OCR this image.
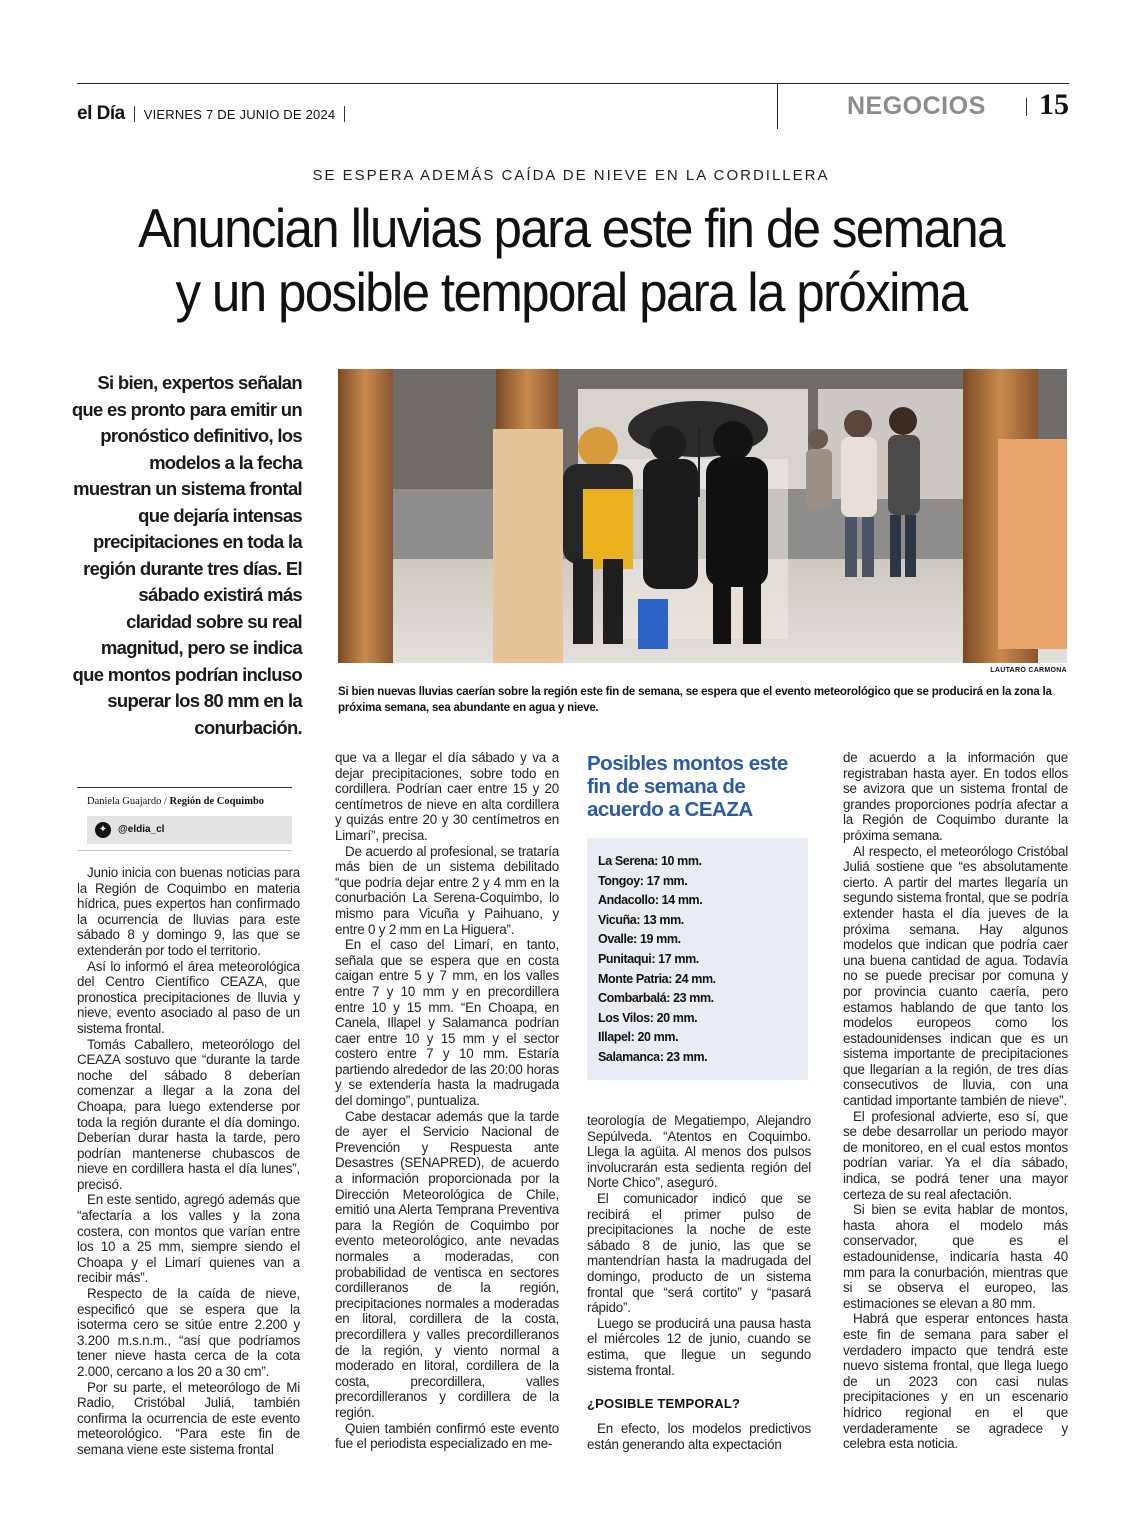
el Día VIERNES 7 DE JUNIO DE 2024	NEGOCIOS 15
SE ESPERA ADEMÁS CAÍDA DE NIEVE EN LA CORDILLERA
Anuncian lluvias para este fin de semana
y un posible temporal para la próxima
Si bien, expertos señalan que es pronto para emitir un pronóstico definitivo, los modelos a la fecha muestran un sistema frontal que dejaría intensas precipitaciones en toda la región durante tres días. El sábado existirá más claridad sobre su real magnitud, pero se indica que montos podrían incluso superar los 80 mm en la conurbación.
LAUTARO CARMONA
Si bien nuevas lluvias caerían sobre la región este fin de semana, se espera que el evento meteorológico que se producirá en la zona la próxima semana, sea abundante en agua y nieve.
Daniela Guajardo / Región de Coquimbo
✦	@eldia_cl

Junio inicia con buenas noticias para la Región de Coquimbo en materia hídrica, pues expertos han confirmado la ocurrencia de lluvias para este sábado 8 y domingo 9, las que se extenderán por todo el territorio.

Así lo informó el área meteorológica del Centro Científico CEAZA, que pronostica precipitaciones de lluvia y nieve, evento asociado al paso de un sistema frontal.

Tomás Caballero, meteorólogo del CEAZA sostuvo que “durante la tarde noche del sábado 8 deberían comenzar a llegar a la zona del Choapa, para luego extenderse por toda la región durante el día domingo. Deberían durar hasta la tarde, pero podrían mantenerse chubascos de nieve en cordillera hasta el día lunes”, precisó.

En este sentido, agregó además que “afectaría a los valles y la zona costera, con montos que varían entre los 10 a 25 mm, siempre siendo el Choapa y el Limarí quienes van a recibir más”.

Respecto de la caída de nieve, especificó que se espera que la isoterma cero se sitúe entre 2.200 y 3.200 m.s.n.m., “así que podríamos tener nieve hasta cerca de la cota 2.000, cercano a los 20 a 30 cm”.

Por su parte, el meteorólogo de Mi Radio, Cristóbal Juliá, también confirma la ocurrencia de este evento meteorológico. “Para este fin de semana viene este sistema frontal

que va a llegar el día sábado y va a dejar precipitaciones, sobre todo en cordillera. Podrían caer entre 15 y 20 centímetros de nieve en alta cordillera y quizás entre 20 y 30 centímetros en Limarí”, precisa.

De acuerdo al profesional, se trataría más bien de un sistema debilitado “que podría dejar entre 2 y 4 mm en la conurbación La Serena-Coquimbo, lo mismo para Vicuña y Paihuano, y entre 0 y 2 mm en La Higuera”.

En el caso del Limarí, en tanto, señala que se espera que en costa caigan entre 5 y 7 mm, en los valles entre 7 y 10 mm y en precordillera entre 10 y 15 mm. “En Choapa, en Canela, Illapel y Salamanca podrían caer entre 10 y 15 mm y el sector costero entre 7 y 10 mm. Estaría partiendo alrededor de las 20:00 horas y se extendería hasta la madrugada del domingo”, puntualiza.

Cabe destacar además que la tarde de ayer el Servicio Nacional de Prevención y Respuesta ante Desastres (SENAPRED), de acuerdo a información proporcionada por la Dirección Meteorológica de Chile, emitió una Alerta Temprana Preventiva para la Región de Coquimbo por evento meteorológico, ante nevadas normales a moderadas, con probabilidad de ventisca en sectores cordilleranos de la región, precipitaciones normales a moderadas en litoral, cordillera de la costa, precordillera y valles precordilleranos de la región, y viento normal a moderado en litoral, cordillera de la costa, precordillera, valles precordilleranos y cordillera de la región.

Quien también confirmó este evento fue el periodista especializado en me-

Posibles montos este fin de semana de acuerdo a CEAZA
La Serena: 10 mm.
Tongoy: 17 mm.
Andacollo: 14 mm.
Vicuña: 13 mm.
Ovalle: 19 mm.
Punitaqui: 17 mm.
Monte Patria: 24 mm.
Combarbalá: 23 mm.
Los Vilos: 20 mm.
Illapel: 20 mm.
Salamanca: 23 mm.

teorología de Megatiempo, Alejandro Sepúlveda. “Atentos en Coquimbo. Llega la agüita. Al menos dos pulsos involucrarán esta sedienta región del Norte Chico”, aseguró.

El comunicador indicó que se recibirá el primer pulso de precipitaciones la noche de este sábado 8 de junio, las que se mantendrían hasta la madrugada del domingo, producto de un sistema frontal que “será cortito” y “pasará rápido”.

Luego se producirá una pausa hasta el miércoles 12 de junio, cuando se estima, que llegue un segundo sistema frontal.

¿POSIBLE TEMPORAL?

En efecto, los modelos predictivos están generando alta expectación

de acuerdo a la información que registraban hasta ayer. En todos ellos se avizora que un sistema frontal de grandes proporciones podría afectar a la Región de Coquimbo durante la próxima semana.

Al respecto, el meteorólogo Cristóbal Juliá sostiene que “es absolutamente cierto. A partir del martes llegaría un segundo sistema frontal, que se podría extender hasta el día jueves de la próxima semana. Hay algunos modelos que indican que podría caer una buena cantidad de agua. Todavía no se puede precisar por comuna y por provincia cuanto caería, pero estamos hablando de que tanto los modelos europeos como los estadounidenses indican que es un sistema importante de precipitaciones que llegarían a la región, de tres días consecutivos de lluvia, con una cantidad importante también de nieve”.

El profesional advierte, eso sí, que se debe desarrollar un periodo mayor de monitoreo, en el cual estos montos podrían variar. Ya el día sábado, indica, se podrá tener una mayor certeza de su real afectación.

Si bien se evita hablar de montos, hasta ahora el modelo más conservador, que es el estadounidense, indicaría hasta 40 mm para la conurbación, mientras que si se observa el europeo, las estimaciones se elevan a 80 mm.

Habrá que esperar entonces hasta este fin de semana para saber el verdadero impacto que tendrá este nuevo sistema frontal, que llega luego de un 2023 con casi nulas precipitaciones y en un escenario hídrico regional en el que verdaderamente se agradece y celebra esta noticia.
